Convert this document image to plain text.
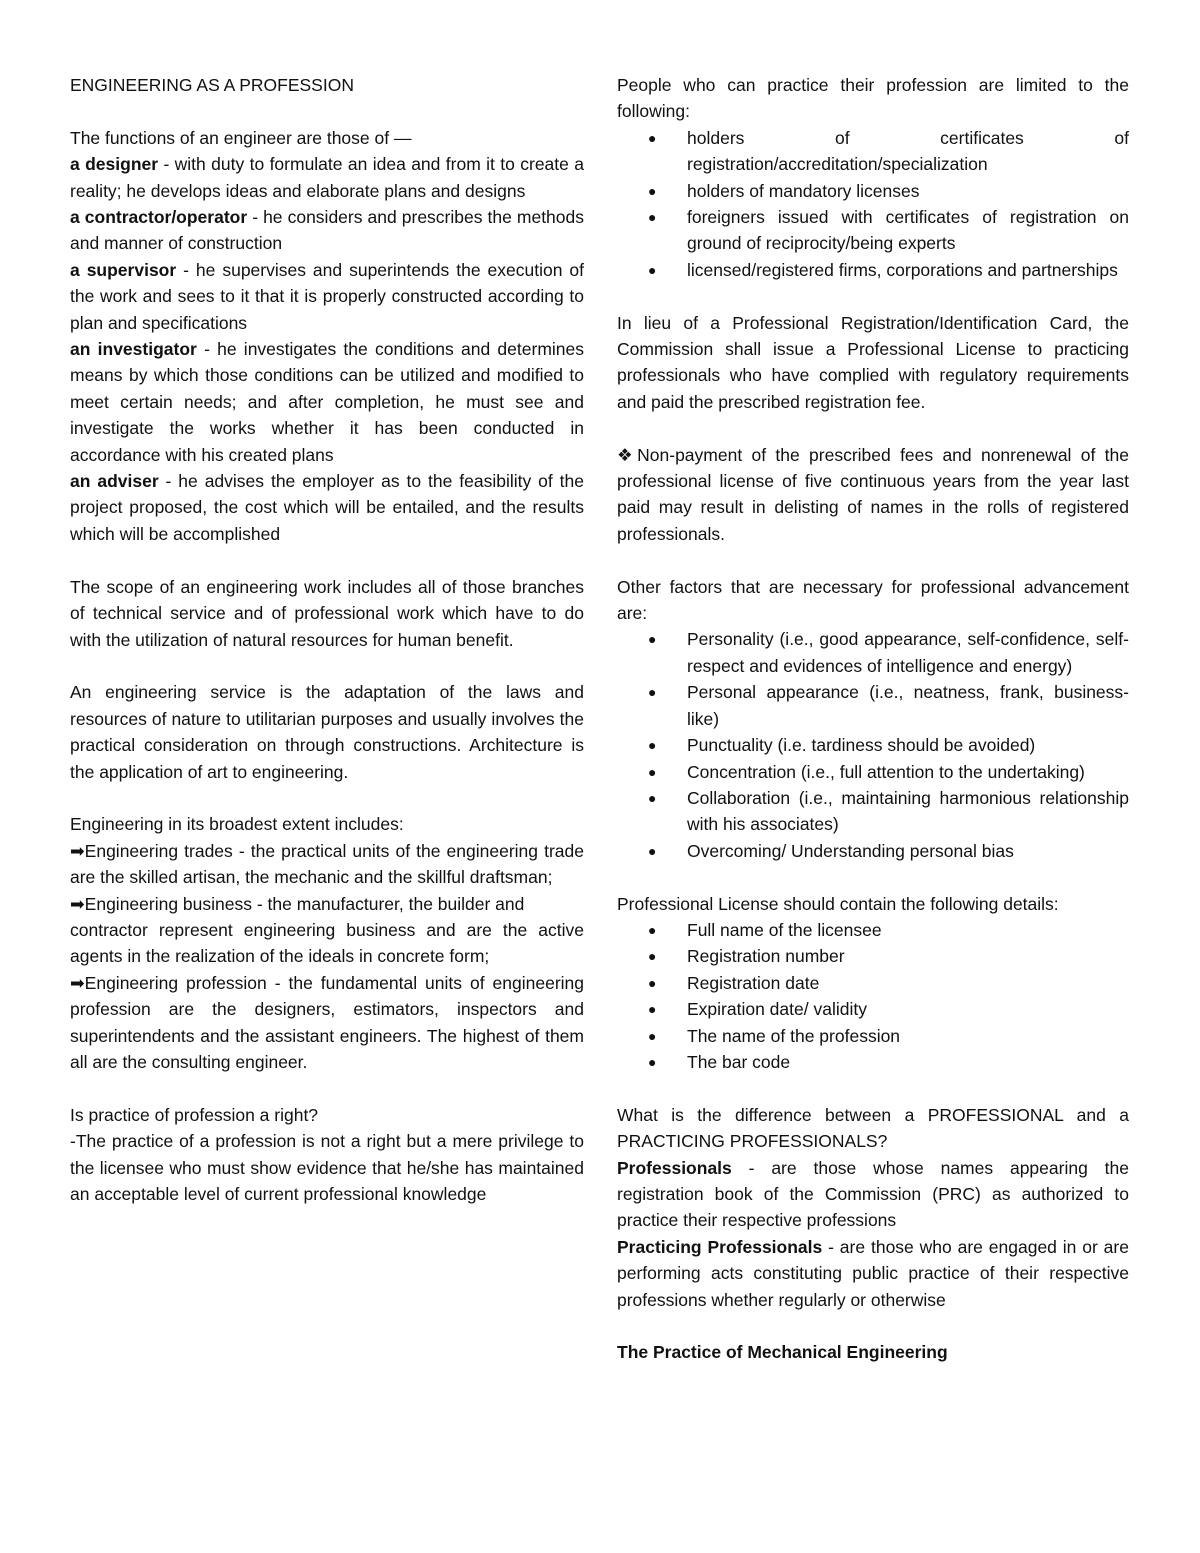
ENGINEERING AS A PROFESSION

The functions of an engineer are those of —

a designer - with duty to formulate an idea and from it to create a reality; he develops ideas and elaborate plans and designs

a contractor/operator - he considers and prescribes the methods and manner of construction

a supervisor - he supervises and superintends the execution of the work and sees to it that it is properly constructed according to plan and specifications

an investigator - he investigates the conditions and determines means by which those conditions can be utilized and modified to meet certain needs; and after completion, he must see and investigate the works whether it has been conducted in accordance with his created plans

an adviser - he advises the employer as to the feasibility of the project proposed, the cost which will be entailed, and the results which will be accomplished

The scope of an engineering work includes all of those branches of technical service and of professional work which have to do with the utilization of natural resources for human benefit.

An engineering service is the adaptation of the laws and resources of nature to utilitarian purposes and usually involves the practical consideration on through constructions. Architecture is the application of art to engineering.

Engineering in its broadest extent includes:

➡Engineering trades - the practical units of the engineering trade are the skilled artisan, the mechanic and the skillful draftsman;

➡Engineering business - the manufacturer, the builder and

contractor represent engineering business and are the active agents in the realization of the ideals in concrete form;

➡Engineering profession - the fundamental units of engineering profession are the designers, estimators, inspectors and superintendents and the assistant engineers. The highest of them all are the consulting engineer.

Is practice of profession a right?

-The practice of a profession is not a right but a mere privilege to the licensee who must show evidence that he/she has maintained an acceptable level of current professional knowledge

People who can practice their profession are limited to the following:

● holders of certificates of registration/accreditation/specialization
● holders of mandatory licenses
● foreigners issued with certificates of registration on ground of reciprocity/being experts
● licensed/registered firms, corporations and partnerships

In lieu of a Professional Registration/Identification Card, the Commission shall issue a Professional License to practicing professionals who have complied with regulatory requirements and paid the prescribed registration fee.

❖Non-payment of the prescribed fees and nonrenewal of the professional license of five continuous years from the year last paid may result in delisting of names in the rolls of registered professionals.

Other factors that are necessary for professional advancement are:

● Personality (i.e., good appearance, self-confidence, self-respect and evidences of intelligence and energy)
● Personal appearance (i.e., neatness, frank, business-like)
● Punctuality (i.e. tardiness should be avoided)
● Concentration (i.e., full attention to the undertaking)
● Collaboration (i.e., maintaining harmonious relationship with his associates)
● Overcoming/ Understanding personal bias

Professional License should contain the following details:

● Full name of the licensee
● Registration number
● Registration date
● Expiration date/ validity
● The name of the profession
● The bar code

What is the difference between a PROFESSIONAL and a PRACTICING PROFESSIONALS?

Professionals - are those whose names appearing the registration book of the Commission (PRC) as authorized to practice their respective professions

Practicing Professionals - are those who are engaged in or are performing acts constituting public practice of their respective professions whether regularly or otherwise

The Practice of Mechanical Engineering
